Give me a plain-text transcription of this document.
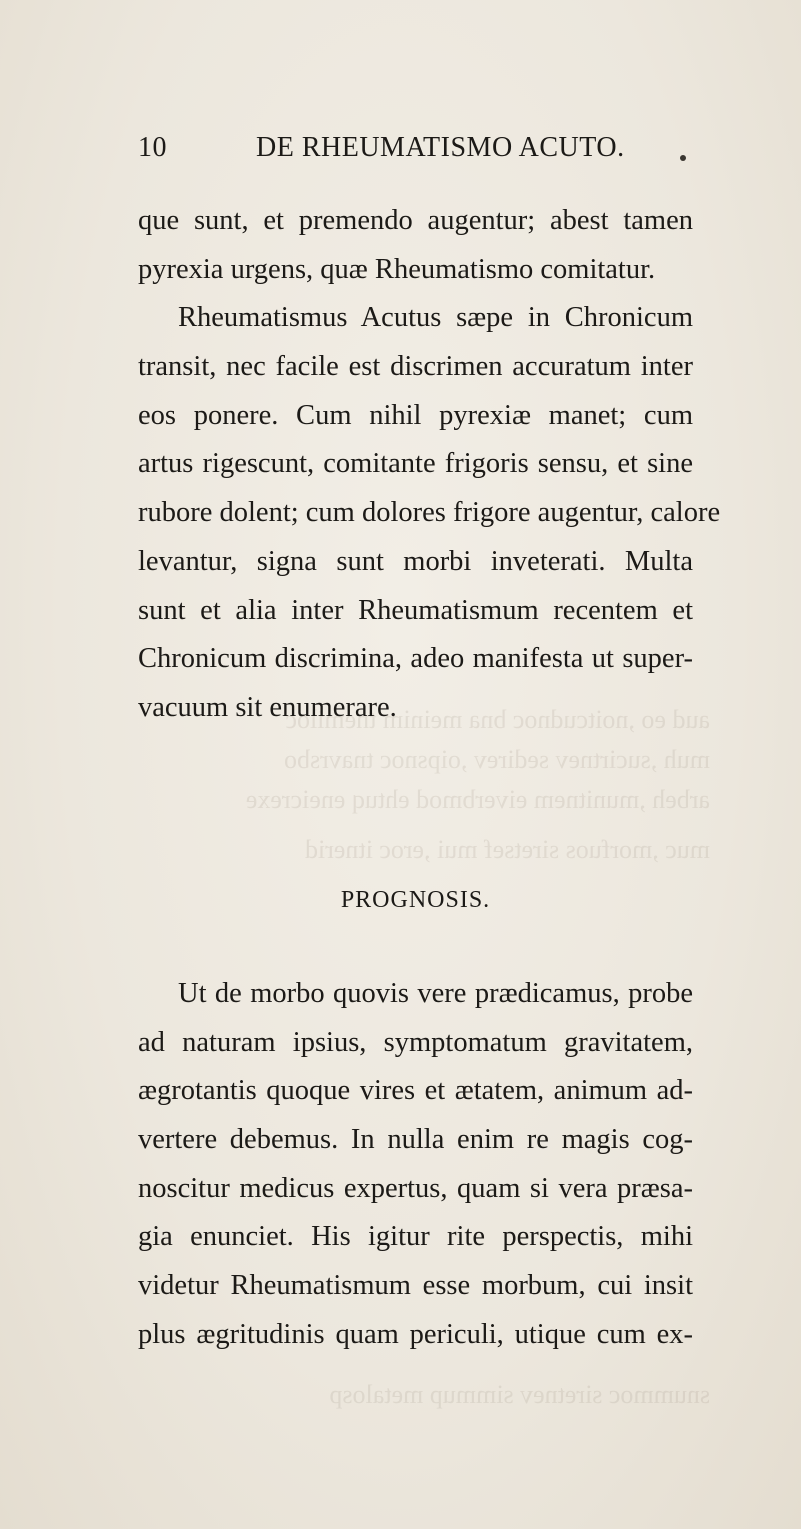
aud eo ,noitcudnoc bna meinim tnemiloc
muh ,sucirtnev sedirev ,oipsnoc tnavrsbo
arbeh ,munitnem eiverbmod ehtuq eneicrexe
muc ,morfuos siretsef mui ,eroc itnerid
snummoc siretnev simmup metalosp
10	DE RHEUMATISMO ACUTO.
que sunt, et premendo augentur; abest tamen
pyrexia urgens, quæ Rheumatismo comitatur.
Rheumatismus Acutus sæpe in Chronicum
transit, nec facile est discrimen accuratum inter
eos ponere. Cum nihil pyrexiæ manet; cum
artus rigescunt, comitante frigoris sensu, et sine
rubore dolent; cum dolores frigore augentur, calore
levantur, signa sunt morbi inveterati. Multa
sunt et alia inter Rheumatismum recentem et
Chronicum discrimina, adeo manifesta ut super-
vacuum sit enumerare.
PROGNOSIS.
Ut de morbo quovis vere prædicamus, probe
ad naturam ipsius, symptomatum gravitatem,
ægrotantis quoque vires et ætatem, animum ad-
vertere debemus. In nulla enim re magis cog-
noscitur medicus expertus, quam si vera præsa-
gia enunciet. His igitur rite perspectis, mihi
videtur Rheumatismum esse morbum, cui insit
plus ægritudinis quam periculi, utique cum ex-
